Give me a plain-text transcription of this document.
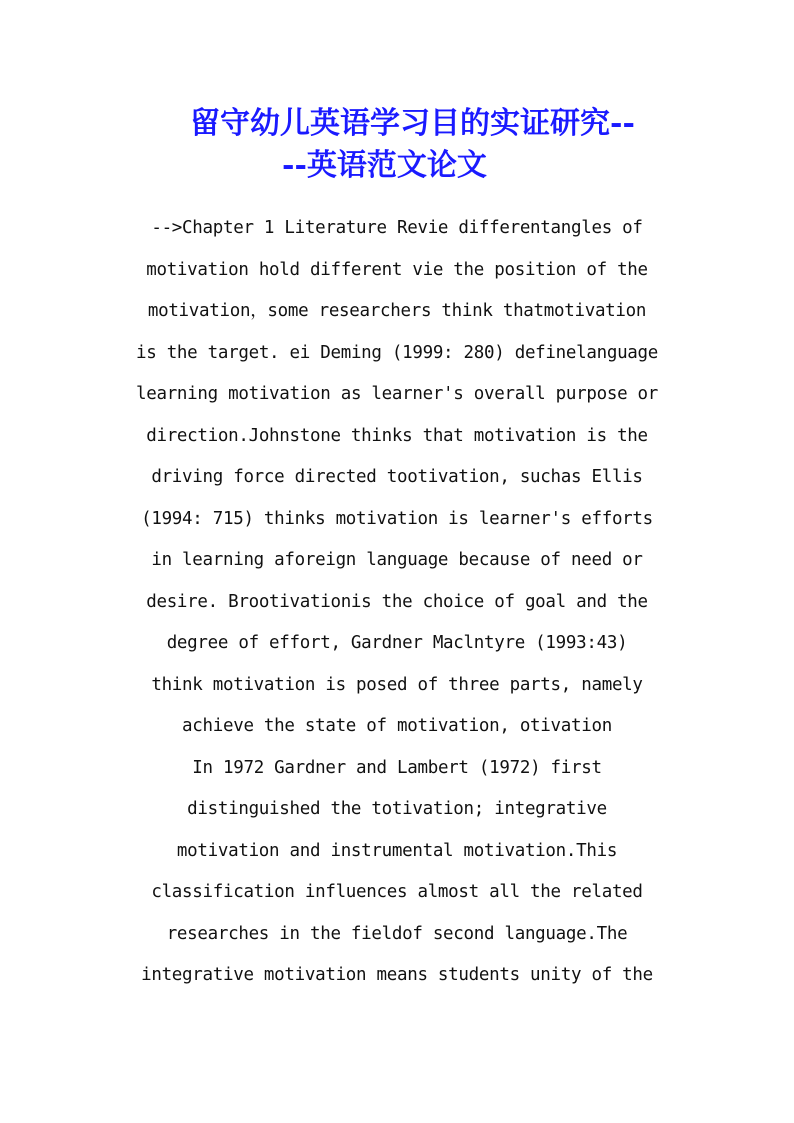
留守幼儿英语学习目的实证研究--
--英语范文论文
-->Chapter 1 Literature Revie differentangles of
motivation hold different vie the position of the
motivation，some researchers think thatmotivation
is the target. ei Deming (1999: 280) definelanguage
learning motivation as learner's overall purpose or
direction.Johnstone thinks that motivation is the
driving force directed tootivation, suchas Ellis
(1994: 715) thinks motivation is learner's efforts
in learning aforeign language because of need or
desire. Brootivationis the choice of goal and the
degree of effort, Gardner Maclntyre (1993:43)
think motivation is posed of three parts, namely
achieve the state of motivation, otivation
In 1972 Gardner and Lambert (1972) first
distinguished the totivation; integrative
motivation and instrumental motivation.This
classification influences almost all the related
researches in the fieldof second language.The
integrative motivation means students unity of the
